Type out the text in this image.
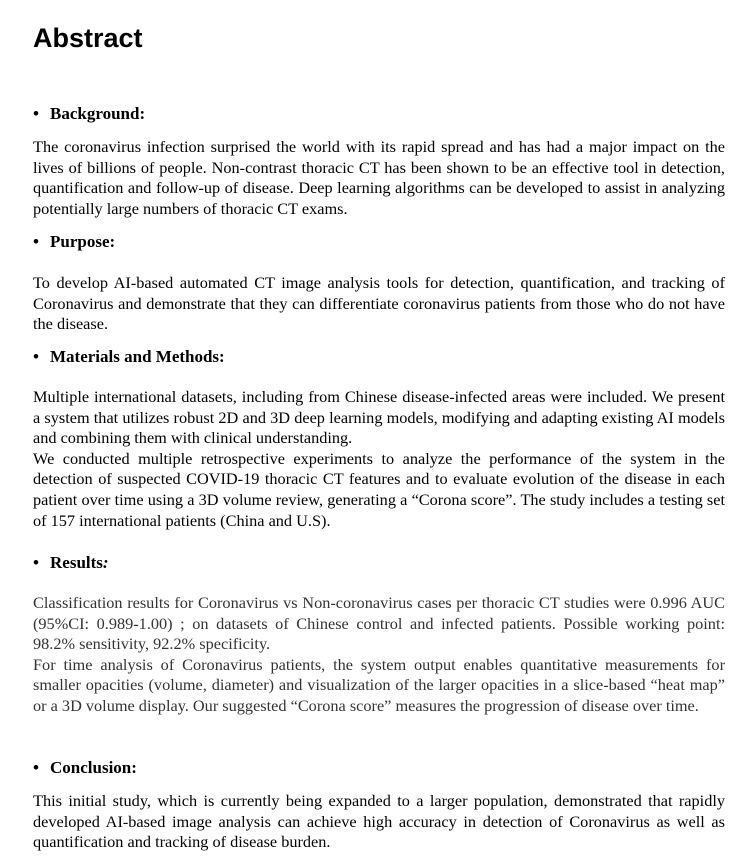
Abstract
• Background:

The coronavirus infection surprised the world with its rapid spread and has had a major impact on the lives of billions of people. Non-contrast thoracic CT has been shown to be an effective tool in detection, quantification and follow-up of disease. Deep learning algorithms can be developed to assist in analyzing potentially large numbers of thoracic CT exams.

• Purpose:

To develop AI-based automated CT image analysis tools for detection, quantification, and tracking of Coronavirus and demonstrate that they can differentiate coronavirus patients from those who do not have the disease.

• Materials and Methods:

Multiple international datasets, including from Chinese disease-infected areas were included. We present a system that utilizes robust 2D and 3D deep learning models, modifying and adapting existing AI models and combining them with clinical understanding.

We conducted multiple retrospective experiments to analyze the performance of the system in the detection of suspected COVID-19 thoracic CT features and to evaluate evolution of the disease in each patient over time using a 3D volume review, generating a “Corona score”. The study includes a testing set of 157 international patients (China and U.S).

• Results:

Classification results for Coronavirus vs Non-coronavirus cases per thoracic CT studies were 0.996 AUC (95%CI: 0.989-1.00) ; on datasets of Chinese control and infected patients. Possible working point: 98.2% sensitivity, 92.2% specificity.

For time analysis of Coronavirus patients, the system output enables quantitative measurements for smaller opacities (volume, diameter) and visualization of the larger opacities in a slice-based “heat map” or a 3D volume display. Our suggested “Corona score” measures the progression of disease over time.

• Conclusion:

This initial study, which is currently being expanded to a larger population, demonstrated that rapidly developed AI-based image analysis can achieve high accuracy in detection of Coronavirus as well as quantification and tracking of disease burden.
